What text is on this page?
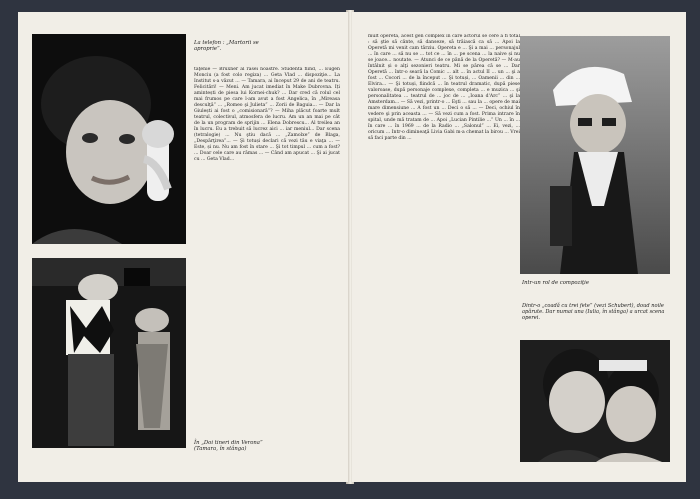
La telefon : „Martorii se
aproprie”.
tăţenie — Bruxner al rasei noastre. Studentă fiind, ... Eugen Monciu (a fost colo regiza) ... Geta Vlad ... dispoziţie... La Institut s-a văzut ... — Tamara, ai început 29 de ani de teatru. Felicitări! — Meni. Am jucat imediat în Make Dubrovna. Iți amintești de piesa lui Kornei-chuk? ... Dar cred că rolul cel mai frumos pe care l-am avut a fost Angelica, în „Mireasa desculţă” ... „Romeo şi Julieta” ... Zorii de Baguia... — Dar la Giulești ai fost o „comisionară”? — Miha plăcut foarte mult teatrul, colectivul, atmosfera de lucru. Am un an mai pe cât de la un program de sprijin ... Elena Dobrescu... Al treilea an în lucru. Eu a trebuit să lucrez aici ... iar meniul... Dar scena (tetralogie) ... Nu ştiu dacă ... „Zamolxe” de Blaga, „Despărţirea”... — Şi totuși declari că vezi tău e viaţa ... — Este, și nu. Nu am fost în stare ... Şi tot timpul ... cum a fost? ... Doar cele care au rămas ... — Când am apucat ... Şi ai jucat cu ... Geta Vlad...
În „Doi tineri din Verona”
(Tamara, în stânga)
mult operetă, acest gen complex în care actorul se cere a fi total : să ştie să cânte, să danseze, să trăiască ca să ... Apoi la Operetă mi venit cam târziu. Opereta e ... Şi a mai ... personajul ... în care ... să nu se ... tot ce ... în ... pe scena ... la naive și nu se joace... noutate. — Atunci de ce până de la Operetă? — M-au întâlnit și o alţi sezonieri teatru. Mi se părea că se ... Dar Operetă ... într-o seară la Comic ... alt ... în actul II ... un ... şi a fost ... Cocori ... de la început ... Şi totuși, ... Oamenii ... din ... Elvira... — Şi totuși, fiindcă ... în teatrul dramatic, după piese valoroase, după personaje complexe, completa ... e muzica ... şi personalitatea ... teatrul de ... joc de ... „Ioana d'Arc” ... şi la Amsterdam... — Să vezi, printr-o ... Eşti ... sau la ... opere de mai mare dimensiune ... A fost un ... Deci o să ... — Deci, ochiul în vedere şi prin aceasta ... — Să vezi cum a fost. Prima intrare în spital, unde mă tratam de ... Apoi „Lucian Pintilie ...” Un ... în ... în care ... în 1969 ... de la Radio ... „Salonul” ... Ei, vezi, ... oricum ... Intr-o dimineaţă Livia Gabi m-a chemat la birou ... Vrei să faci parte din ...
Intr-un rol de compoziţie
Dintr-o „coadă cu trei fete” (vezi Schubert), doud noile apărute. Dar numai una (Iulia, în stânga) a urcat scena operei.
